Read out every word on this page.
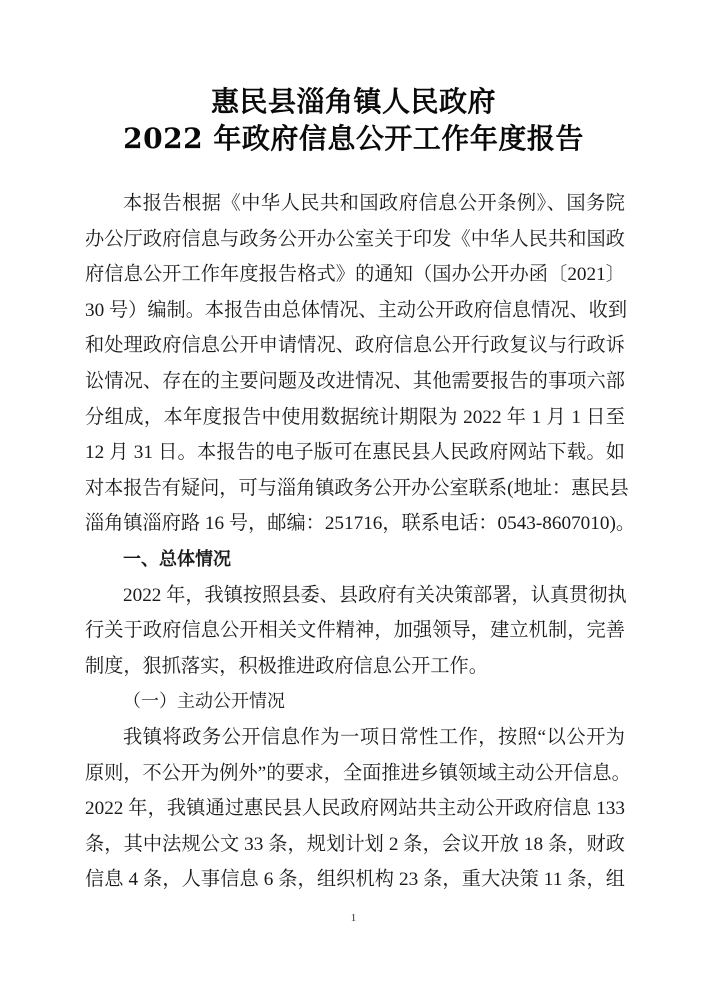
惠民县淄角镇人民政府
2022 年政府信息公开工作年度报告
本报告根据《中华人民共和国政府信息公开条例》、国务院
办公厅政府信息与政务公开办公室关于印发《中华人民共和国政
府信息公开工作年度报告格式》的通知（国办公开办函〔2021〕
30 号）编制。本报告由总体情况、主动公开政府信息情况、收到
和处理政府信息公开申请情况、政府信息公开行政复议与行政诉
讼情况、存在的主要问题及改进情况、其他需要报告的事项六部
分组成，本年度报告中使用数据统计期限为 2022 年 1 月 1 日至
12 月 31 日。本报告的电子版可在惠民县人民政府网站下载。如
对本报告有疑问，可与淄角镇政务公开办公室联系(地址：惠民县
淄角镇淄府路 16 号，邮编：251716，联系电话：0543-8607010)。
一、总体情况
2022 年，我镇按照县委、县政府有关决策部署，认真贯彻执
行关于政府信息公开相关文件精神，加强领导，建立机制，完善
制度，狠抓落实，积极推进政府信息公开工作。
（一）主动公开情况
我镇将政务公开信息作为一项日常性工作，按照“以公开为
原则，不公开为例外”的要求，全面推进乡镇领域主动公开信息。
2022 年，我镇通过惠民县人民政府网站共主动公开政府信息 133
条，其中法规公文 33 条，规划计划 2 条，会议开放 18 条，财政
信息 4 条，人事信息 6 条，组织机构 23 条，重大决策 11 条，组
1
